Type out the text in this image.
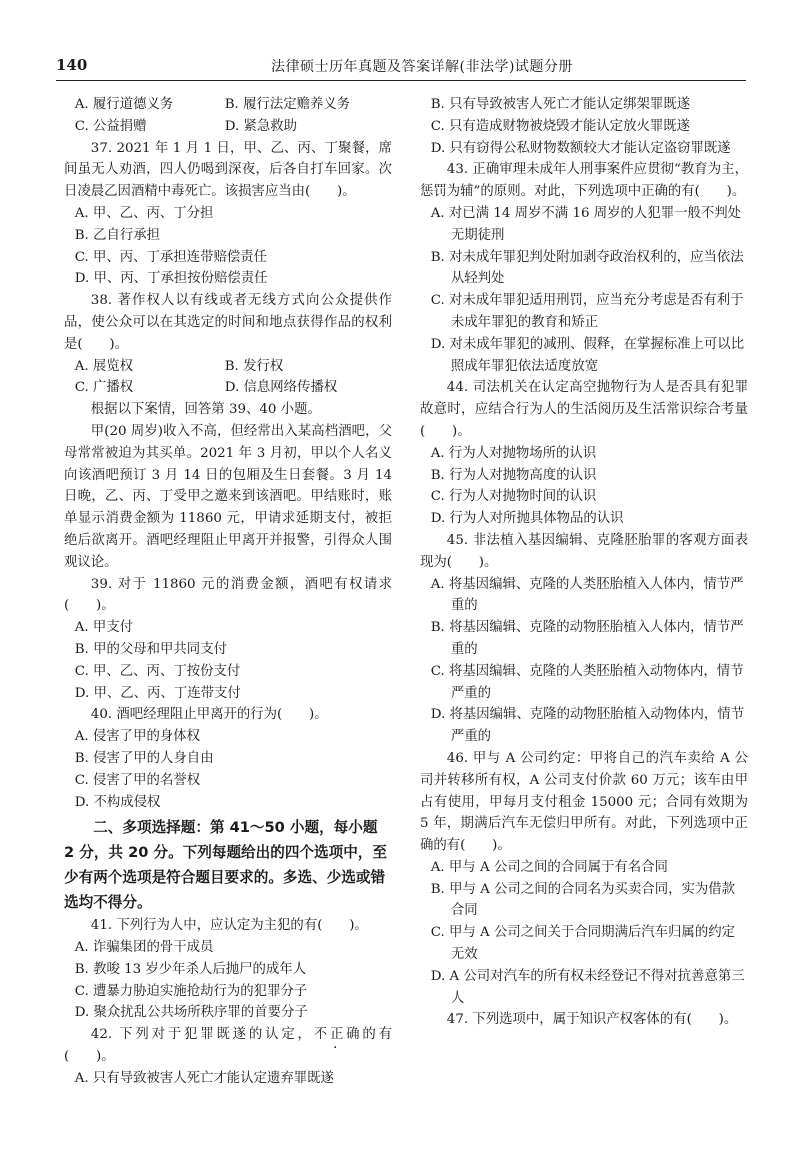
140	法律硕士历年真题及答案详解(非法学)试题分册
A. 履行道德义务	B. 履行法定赡养义务
C. 公益捐赠	D. 紧急救助

37. 2021 年 1 月 1 日，甲、乙、丙、丁聚餐，席间虽无人劝酒，四人仍喝到深夜，后各自打车回家。次日凌晨乙因酒精中毒死亡。该损害应当由(　　)。

A. 甲、乙、丙、丁分担

B. 乙自行承担

C. 甲、丙、丁承担连带赔偿责任

D. 甲、丙、丁承担按份赔偿责任

38. 著作权人以有线或者无线方式向公众提供作品，使公众可以在其选定的时间和地点获得作品的权利是(　　)。

A. 展览权	B. 发行权
C. 广播权	D. 信息网络传播权

根据以下案情，回答第 39、40 小题。

甲(20 周岁)收入不高，但经常出入某高档酒吧，父母常常被迫为其买单。2021 年 3 月初，甲以个人名义向该酒吧预订 3 月 14 日的包厢及生日套餐。3 月 14 日晚，乙、丙、丁受甲之邀来到该酒吧。甲结账时，账单显示消费金额为 11860 元，甲请求延期支付，被拒绝后欲离开。酒吧经理阻止甲离开并报警，引得众人围观议论。

39. 对于 11860 元的消费金额，酒吧有权请求(　　)。

A. 甲支付

B. 甲的父母和甲共同支付

C. 甲、乙、丙、丁按份支付

D. 甲、乙、丙、丁连带支付

40. 酒吧经理阻止甲离开的行为(　　)。

A. 侵害了甲的身体权

B. 侵害了甲的人身自由

C. 侵害了甲的名誉权

D. 不构成侵权

二、多项选择题：第 41～50 小题，每小题 2 分，共 20 分。下列每题给出的四个选项中，至少有两个选项是符合题目要求的。多选、少选或错选均不得分。

41. 下列行为人中，应认定为主犯的有(　　)。

A. 诈骗集团的骨干成员

B. 教唆 13 岁少年杀人后抛尸的成年人

C. 遭暴力胁迫实施抢劫行为的犯罪分子

D. 聚众扰乱公共场所秩序罪的首要分子

42. 下列对于犯罪既遂的认定，不正确的有(　　)。

A. 只有导致被害人死亡才能认定遗弃罪既遂

B. 只有导致被害人死亡才能认定绑架罪既遂

C. 只有造成财物被烧毁才能认定放火罪既遂

D. 只有窃得公私财物数额较大才能认定盗窃罪既遂

43. 正确审理未成年人刑事案件应贯彻“教育为主，惩罚为辅”的原则。对此，下列选项中正确的有(　　)。

A. 对已满 14 周岁不满 16 周岁的人犯罪一般不判处无期徒刑

B. 对未成年罪犯判处附加剥夺政治权利的，应当依法从轻判处

C. 对未成年罪犯适用刑罚，应当充分考虑是否有利于未成年罪犯的教育和矫正

D. 对未成年罪犯的减刑、假释，在掌握标准上可以比照成年罪犯依法适度放宽

44. 司法机关在认定高空抛物行为人是否具有犯罪故意时，应结合行为人的生活阅历及生活常识综合考量(　　)。

A. 行为人对抛物场所的认识

B. 行为人对抛物高度的认识

C. 行为人对抛物时间的认识

D. 行为人对所抛具体物品的认识

45. 非法植入基因编辑、克隆胚胎罪的客观方面表现为(　　)。

A. 将基因编辑、克隆的人类胚胎植入人体内，情节严重的

B. 将基因编辑、克隆的动物胚胎植入人体内，情节严重的

C. 将基因编辑、克隆的人类胚胎植入动物体内，情节严重的

D. 将基因编辑、克隆的动物胚胎植入动物体内，情节严重的

46. 甲与 A 公司约定：甲将自己的汽车卖给 A 公司并转移所有权，A 公司支付价款 60 万元；该车由甲占有使用，甲每月支付租金 15000 元；合同有效期为 5 年，期满后汽车无偿归甲所有。对此，下列选项中正确的有(　　)。

A. 甲与 A 公司之间的合同属于有名合同

B. 甲与 A 公司之间的合同名为买卖合同，实为借款合同

C. 甲与 A 公司之间关于合同期满后汽车归属的约定无效

D. A 公司对汽车的所有权未经登记不得对抗善意第三人

47. 下列选项中，属于知识产权客体的有(　　)。
